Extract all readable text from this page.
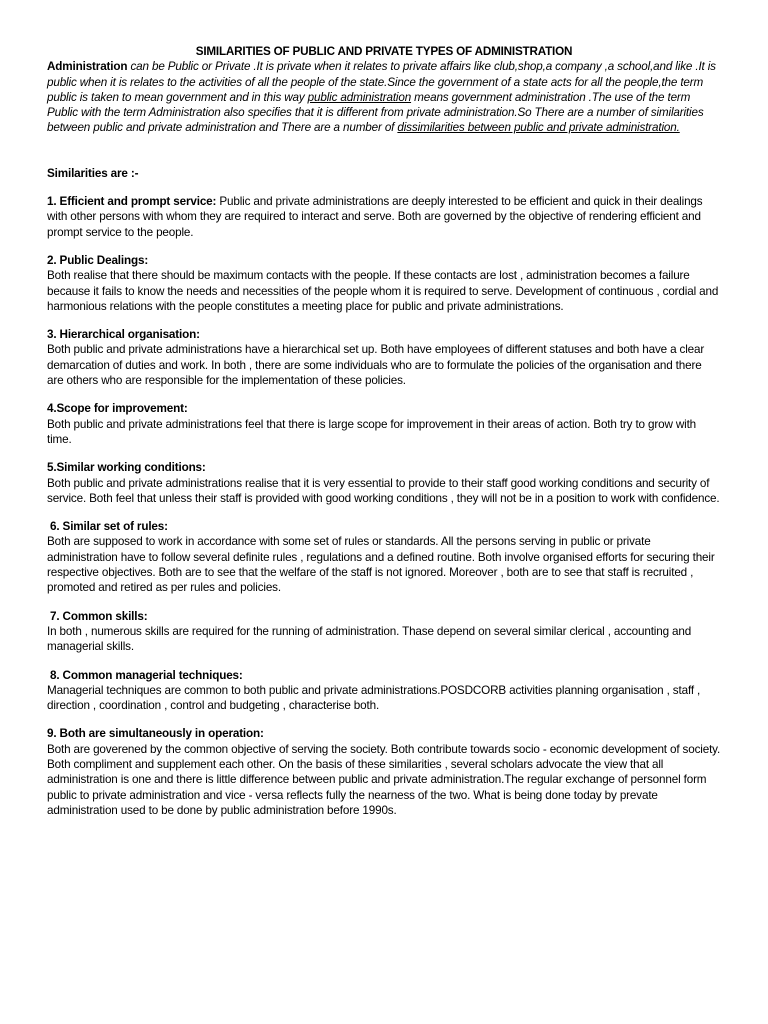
SIMILARITIES OF PUBLIC AND PRIVATE TYPES OF ADMINISTRATION

Administration can be Public or Private .It is private when it relates to private affairs like club,shop,a company ,a school,and like .It is public when it is relates to the activities of all the people of the state.Since the government of a state acts for all the people,the term public is taken to mean government and in this way public administration means government administration .The use of the term Public with the term Administration also specifies that it is different from private administration.So There are a number of similarities between public and private administration and There are a number of dissimilarities between public and private administration.

Similarities are :-

1. Efficient and prompt service: Public and private administrations are deeply interested to be efficient and quick in their dealings with other persons with whom they are required to interact and serve. Both are governed by the objective of rendering efficient and prompt service to the people.

2. Public Dealings:

Both realise that there should be maximum contacts with the people. If these contacts are lost , administration becomes a failure because it fails to know the needs and necessities of the people whom it is required to serve. Development of continuous , cordial and harmonious relations with the people constitutes a meeting place for public and private administrations.

3. Hierarchical organisation:

Both public and private administrations have a hierarchical set up. Both have employees of different statuses and both have a clear demarcation of duties and work. In both , there are some individuals who are to formulate the policies of the organisation and there are others who are responsible for the implementation of these policies.

4.Scope for improvement:

Both public and private administrations feel that there is large scope for improvement in their areas of action. Both try to grow with time.

5.Similar working conditions:

Both public and private administrations realise that it is very essential to provide to their staff good working conditions and security of service. Both feel that unless their staff is provided with good working conditions , they will not be in a position to work with confidence.

6. Similar set of rules:

Both are supposed to work in accordance with some set of rules or standards. All the persons serving in public or private administration have to follow several definite rules , regulations and a defined routine. Both involve organised efforts for securing their respective objectives. Both are to see that the welfare of the staff is not ignored. Moreover , both are to see that staff is recruited , promoted and retired as per rules and policies.

7. Common skills:

In both , numerous skills are required for the running of administration. Thase depend on several similar clerical , accounting and managerial skills.

8. Common managerial techniques:

Managerial techniques are common to both public and private administrations.POSDCORB activities planning organisation , staff , direction , coordination , control and budgeting , characterise both.

9. Both are simultaneously in operation:

Both are goverened by the common objective of serving the society. Both contribute towards socio - economic development of society. Both compliment and supplement each other. On the basis of these similarities , several scholars advocate the view that all administration is one and there is little difference between public and private administration.The regular exchange of personnel form public to private administration and vice - versa reflects fully the nearness of the two. What is being done today by prevate administration used to be done by public administration before 1990s.
